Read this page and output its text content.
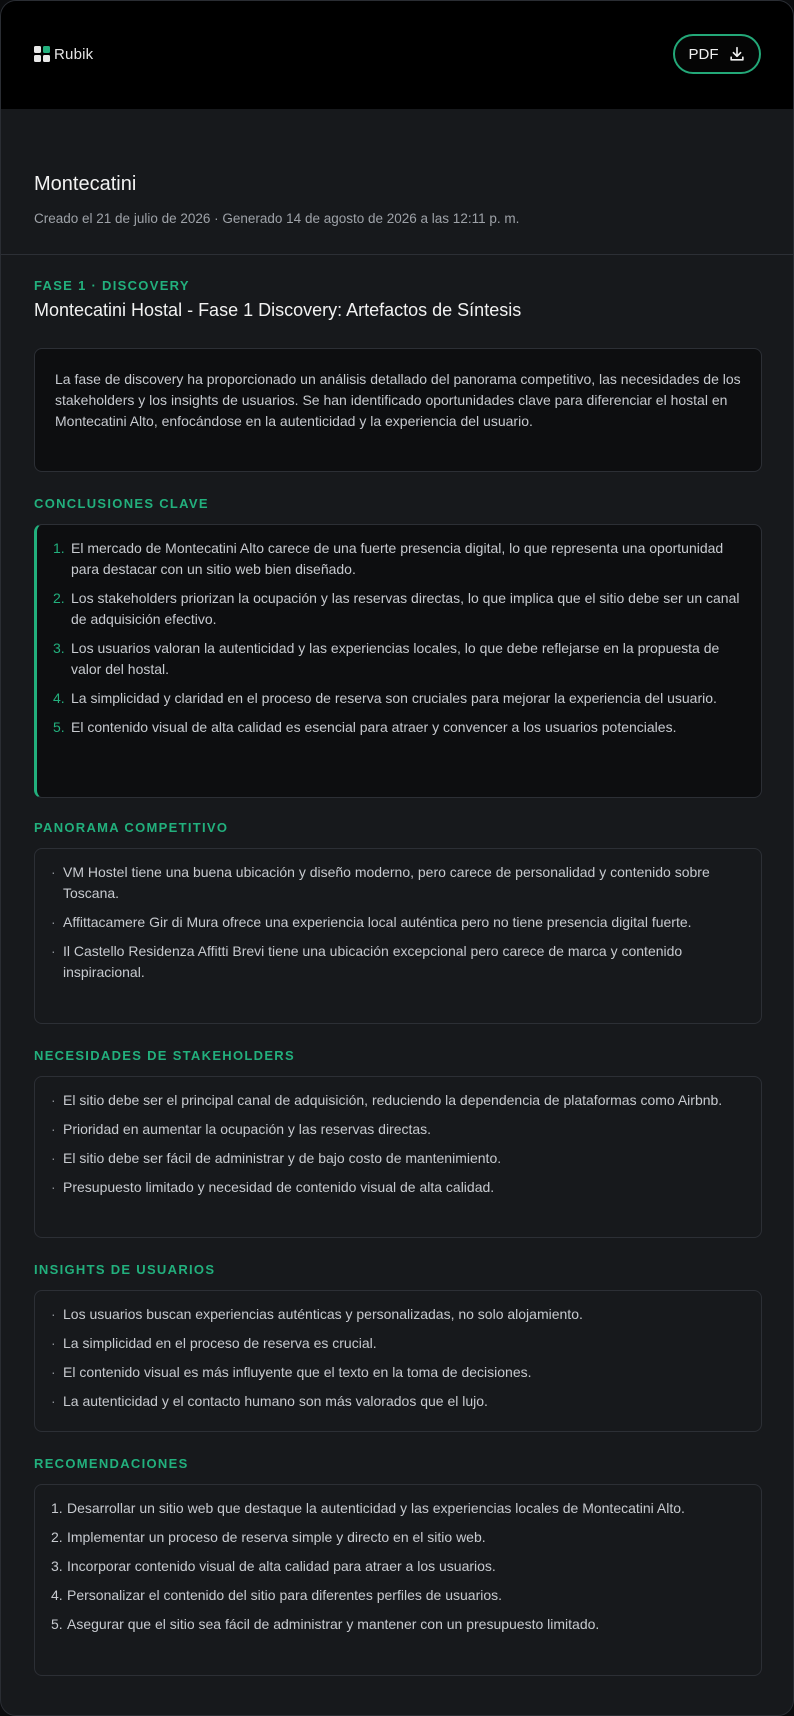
Rubik	PDF
Montecatini
Creado el 21 de julio de 2026 · Generado 14 de agosto de 2026 a las 12:11 p. m.
FASE 1 · DISCOVERY
Montecatini Hostal - Fase 1 Discovery: Artefactos de Síntesis
La fase de discovery ha proporcionado un análisis detallado del panorama competitivo, las necesidades de los stakeholders y los insights de usuarios. Se han identificado oportunidades clave para diferenciar el hostal en Montecatini Alto, enfocándose en la autenticidad y la experiencia del usuario.
CONCLUSIONES CLAVE
1. El mercado de Montecatini Alto carece de una fuerte presencia digital, lo que representa una oportunidad para destacar con un sitio web bien diseñado.
2. Los stakeholders priorizan la ocupación y las reservas directas, lo que implica que el sitio debe ser un canal de adquisición efectivo.
3. Los usuarios valoran la autenticidad y las experiencias locales, lo que debe reflejarse en la propuesta de valor del hostal.
4. La simplicidad y claridad en el proceso de reserva son cruciales para mejorar la experiencia del usuario.
5. El contenido visual de alta calidad es esencial para atraer y convencer a los usuarios potenciales.
PANORAMA COMPETITIVO
· VM Hostel tiene una buena ubicación y diseño moderno, pero carece de personalidad y contenido sobre Toscana.
· Affittacamere Gir di Mura ofrece una experiencia local auténtica pero no tiene presencia digital fuerte.
· Il Castello Residenza Affitti Brevi tiene una ubicación excepcional pero carece de marca y contenido inspiracional.
NECESIDADES DE STAKEHOLDERS
· El sitio debe ser el principal canal de adquisición, reduciendo la dependencia de plataformas como Airbnb.
· Prioridad en aumentar la ocupación y las reservas directas.
· El sitio debe ser fácil de administrar y de bajo costo de mantenimiento.
· Presupuesto limitado y necesidad de contenido visual de alta calidad.
INSIGHTS DE USUARIOS
· Los usuarios buscan experiencias auténticas y personalizadas, no solo alojamiento.
· La simplicidad en el proceso de reserva es crucial.
· El contenido visual es más influyente que el texto en la toma de decisiones.
· La autenticidad y el contacto humano son más valorados que el lujo.
RECOMENDACIONES
1. Desarrollar un sitio web que destaque la autenticidad y las experiencias locales de Montecatini Alto.
2. Implementar un proceso de reserva simple y directo en el sitio web.
3. Incorporar contenido visual de alta calidad para atraer a los usuarios.
4. Personalizar el contenido del sitio para diferentes perfiles de usuarios.
5. Asegurar que el sitio sea fácil de administrar y mantener con un presupuesto limitado.
